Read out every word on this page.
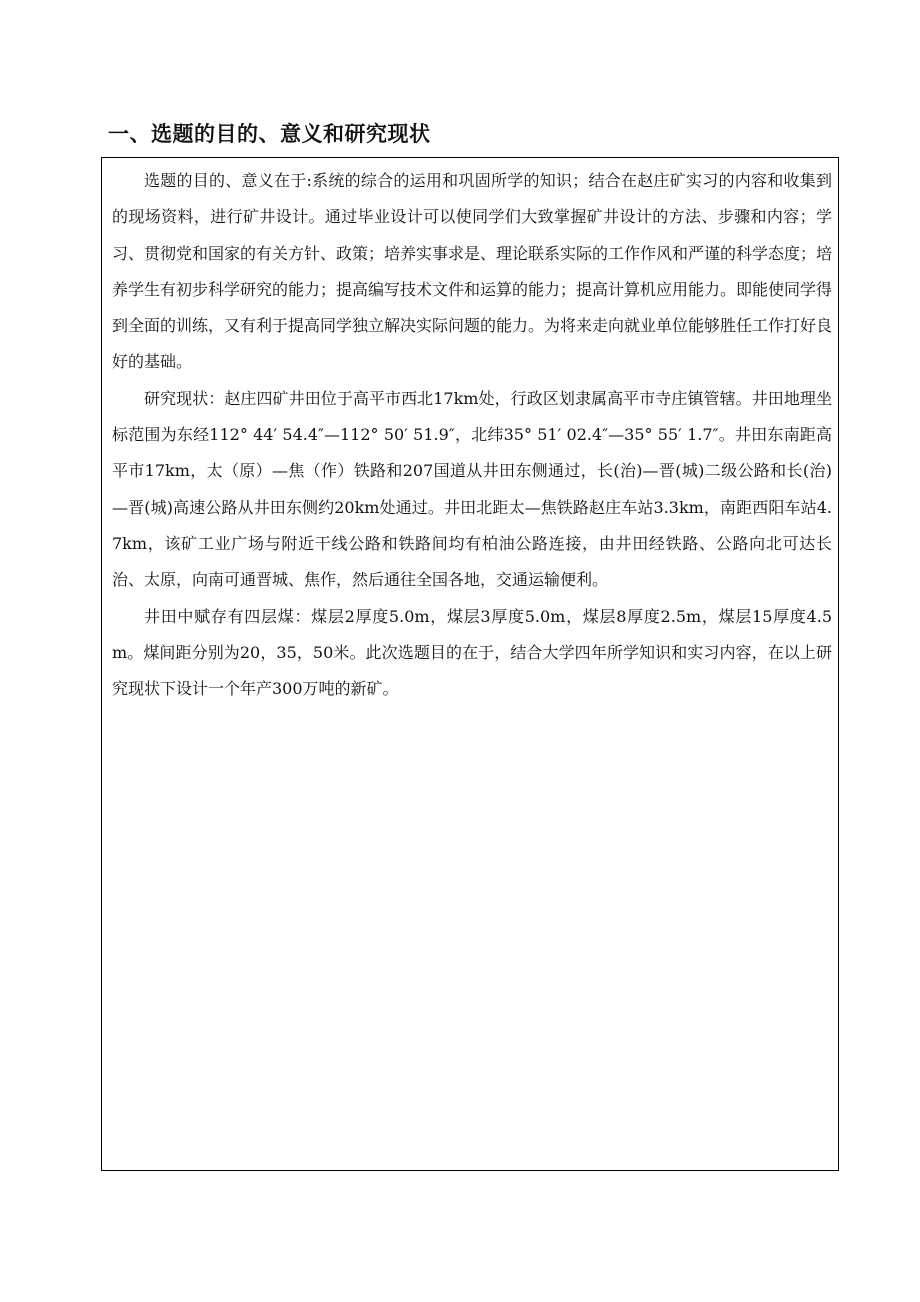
一、选题的目的、意义和研究现状

选题的目的、意义在于:系统的综合的运用和巩固所学的知识；结合在赵庄矿实习的内容和收集到的现场资料，进行矿井设计。通过毕业设计可以使同学们大致掌握矿井设计的方法、步骤和内容；学习、贯彻党和国家的有关方针、政策；培养实事求是、理论联系实际的工作作风和严谨的科学态度；培养学生有初步科学研究的能力；提高编写技术文件和运算的能力；提高计算机应用能力。即能使同学得到全面的训练，又有利于提高同学独立解决实际问题的能力。为将来走向就业单位能够胜任工作打好良好的基础。

研究现状：赵庄四矿井田位于高平市西北17km处，行政区划隶属高平市寺庄镇管辖。井田地理坐标范围为东经112° 44′ 54.4″—112° 50′ 51.9″，北纬35° 51′ 02.4″—35° 55′ 1.7″。井田东南距高平市17km，太（原）—焦（作）铁路和207国道从井田东侧通过，长(治)—晋(城)二级公路和长(治)—晋(城)高速公路从井田东侧约20km处通过。井田北距太—焦铁路赵庄车站3.3km，南距西阳车站4.7km，该矿工业广场与附近干线公路和铁路间均有柏油公路连接，由井田经铁路、公路向北可达长治、太原，向南可通晋城、焦作，然后通往全国各地，交通运输便利。

井田中赋存有四层煤：煤层2厚度5.0m，煤层3厚度5.0m，煤层8厚度2.5m，煤层15厚度4.5m。煤间距分别为20，35，50米。此次选题目的在于，结合大学四年所学知识和实习内容，在以上研究现状下设计一个年产300万吨的新矿。
